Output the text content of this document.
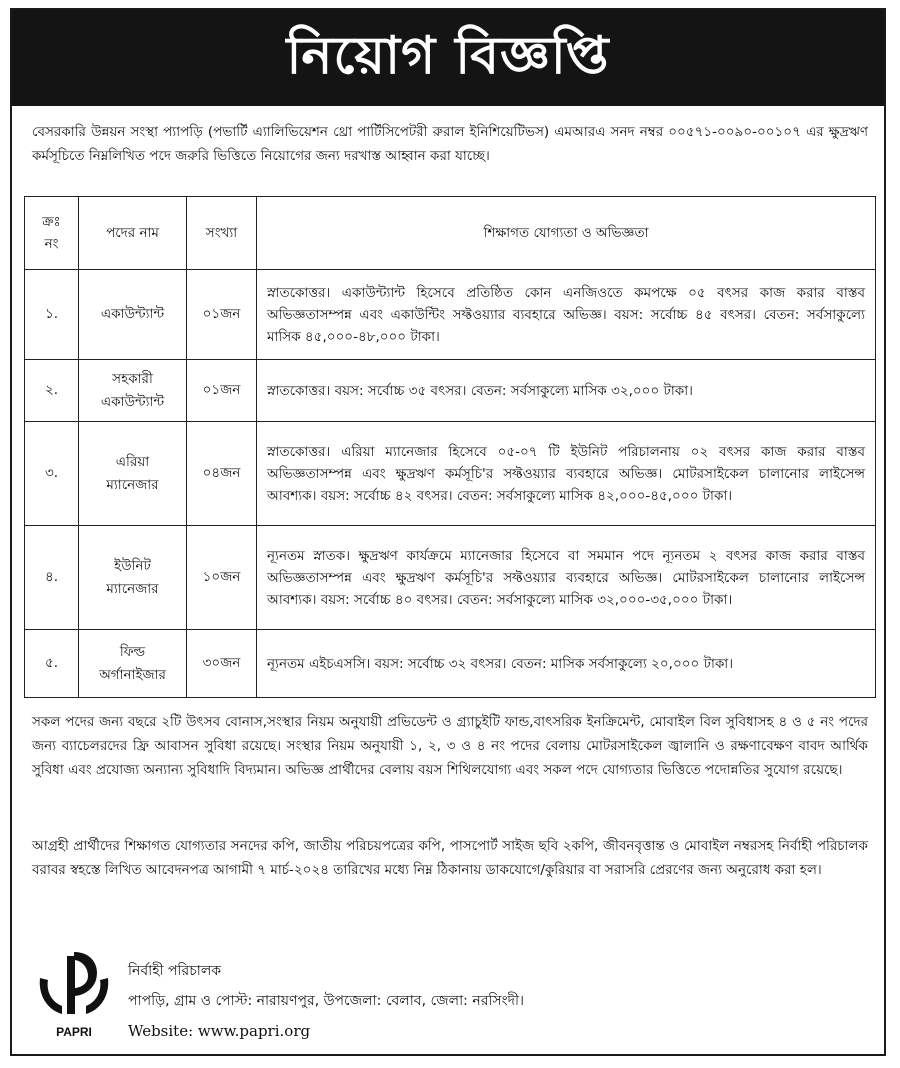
নিয়োগ বিজ্ঞপ্তি
বেসরকারি উন্নয়ন সংস্থা প্যাপড়ি (পভার্টি এ্যালিভিয়েশন থ্রো পার্টিসিপেটরী রুরাল ইনিশিয়েটিভস) এমআরএ সনদ নম্বর ০০৫৭১-০০৯০-০০১০৭ এর ক্ষুদ্রঋণ কর্মসূচিতে নিম্নলিখিত পদে জরুরি ভিত্তিতে নিয়োগের জন্য দরখাস্ত আহ্বান করা যাচ্ছে।
ক্রঃ নং	পদের নাম	সংখ্যা	শিক্ষাগত যোগ্যতা ও অভিজ্ঞতা
১.	একাউন্ট্যান্ট	০১জন	স্নাতকোত্তর। একাউন্ট্যান্ট হিসেবে প্রতিষ্ঠিত কোন এনজিওতে কমপক্ষে ০৫ বৎসর কাজ করার বাস্তব অভিজ্ঞতাসম্পন্ন এবং একাউন্টিং সফ্টওয়্যার ব্যবহারে অভিজ্ঞ। বয়স: সর্বোচ্চ ৪৫ বৎসর। বেতন: সর্বসাকুল্যে মাসিক ৪৫,০০০-৪৮,০০০ টাকা।
২.	সহকারী একাউন্ট্যান্ট	০১জন	স্নাতকোত্তর। বয়স: সর্বোচ্চ ৩৫ বৎসর। বেতন: সর্বসাকুল্যে মাসিক ৩২,০০০ টাকা।
৩.	এরিয়া ম্যানেজার	০৪জন	স্নাতকোত্তর। এরিয়া ম্যানেজার হিসেবে ০৫-০৭ টি ইউনিট পরিচালনায় ০২ বৎসর কাজ করার বাস্তব অভিজ্ঞতাসম্পন্ন এবং ক্ষুদ্রঋণ কর্মসূচি'র সফ্টওয়্যার ব্যবহারে অভিজ্ঞ। মোটরসাইকেল চালানোর লাইসেন্স আবশ্যক। বয়স: সর্বোচ্চ ৪২ বৎসর। বেতন: সর্বসাকুল্যে মাসিক ৪২,০০০-৪৫,০০০ টাকা।
৪.	ইউনিট ম্যানেজার	১০জন	ন্যূনতম স্নাতক। ক্ষুদ্রঋণ কার্যক্রমে ম্যানেজার হিসেবে বা সমমান পদে ন্যূনতম ২ বৎসর কাজ করার বাস্তব অভিজ্ঞতাসম্পন্ন এবং ক্ষুদ্রঋণ কর্মসূচি'র সফ্টওয়্যার ব্যবহারে অভিজ্ঞ। মোটরসাইকেল চালানোর লাইসেন্স আবশ্যক। বয়স: সর্বোচ্চ ৪০ বৎসর। বেতন: সর্বসাকুল্যে মাসিক ৩২,০০০-৩৫,০০০ টাকা।
৫.	ফিল্ড অর্গানাইজার	৩০জন	ন্যূনতম এইচএসসি। বয়স: সর্বোচ্চ ৩২ বৎসর। বেতন: মাসিক সর্বসাকুল্যে ২০,০০০ টাকা।
সকল পদের জন্য বছরে ২টি উৎসব বোনাস,সংস্থার নিয়ম অনুযায়ী প্রভিডেন্ট ও গ্র্যাচুইটি ফান্ড,বাৎসরিক ইনক্রিমেন্ট, মোবাইল বিল সুবিধাসহ ৪ ও ৫ নং পদের জন্য ব্যাচেলরদের ফ্রি আবাসন সুবিধা রয়েছে। সংস্থার নিয়ম অনুযায়ী ১, ২, ৩ ও ৪ নং পদের বেলায় মোটরসাইকেল জ্বালানি ও রক্ষণাবেক্ষণ বাবদ আর্থিক সুবিধা এবং প্রযোজ্য অন্যান্য সুবিধাদি বিদ্যমান। অভিজ্ঞ প্রার্থীদের বেলায় বয়স শিথিলযোগ্য এবং সকল পদে যোগ্যতার ভিত্তিতে পদোন্নতির সুযোগ রয়েছে।
আগ্রহী প্রার্থীদের শিক্ষাগত যোগ্যতার সনদের কপি, জাতীয় পরিচয়পত্রের কপি, পাসপোর্ট সাইজ ছবি ২কপি, জীবনবৃত্তান্ত ও মোবাইল নম্বরসহ নির্বাহী পরিচালক বরাবর স্বহস্তে লিখিত আবেদনপত্র আগামী ৭ মার্চ-২০২৪ তারিখের মধ্যে নিম্ন ঠিকানায় ডাকযোগে/কুরিয়ার বা সরাসরি প্রেরণের জন্য অনুরোধ করা হল।
PAPRI
নির্বাহী পরিচালক
পাপড়ি, গ্রাম ও পোস্ট: নারায়ণপুর, উপজেলা: বেলাব, জেলা: নরসিংদী।
Website: www.papri.org
